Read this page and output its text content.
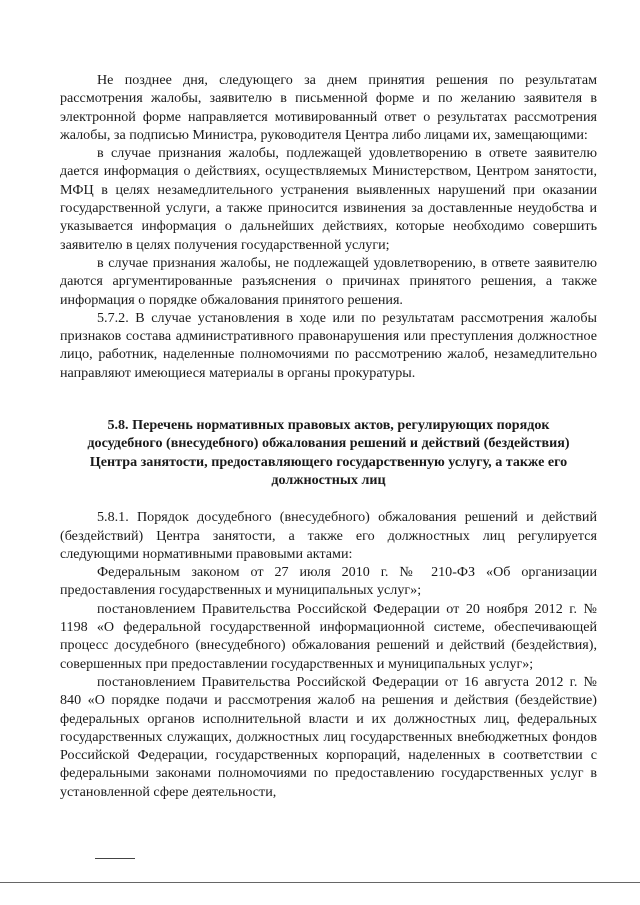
Не позднее дня, следующего за днем принятия решения по результатам рассмотрения жалобы, заявителю в письменной форме и по желанию заявителя в электронной форме направляется мотивированный ответ о результатах рассмотрения жалобы, за подписью Министра, руководителя Центра либо лицами их, замещающими:

в случае признания жалобы, подлежащей удовлетворению в ответе заявителю дается информация о действиях, осуществляемых Министерством, Центром занятости, МФЦ в целях незамедлительного устранения выявленных нарушений при оказании государственной услуги, а также приносится извинения за доставленные неудобства и указывается информация о дальнейших действиях, которые необходимо совершить заявителю в целях получения государственной услуги;

в случае признания жалобы, не подлежащей удовлетворению, в ответе заявителю даются аргументированные разъяснения о причинах принятого решения, а также информация о порядке обжалования принятого решения.

5.7.2. В случае установления в ходе или по результатам рассмотрения жалобы признаков состава административного правонарушения или преступления должностное лицо, работник, наделенные полномочиями по рассмотрению жалоб, незамедлительно направляют имеющиеся материалы в органы прокуратуры.

5.8. Перечень нормативных правовых актов, регулирующих порядок досудебного (внесудебного) обжалования решений и действий (бездействия) Центра занятости, предоставляющего государственную услугу, а также его должностных лиц

5.8.1. Порядок досудебного (внесудебного) обжалования решений и действий (бездействий) Центра занятости, а также его должностных лиц регулируется следующими нормативными правовыми актами:

Федеральным законом от 27 июля 2010 г. № 210-ФЗ «Об организации предоставления государственных и муниципальных услуг»;

постановлением Правительства Российской Федерации от 20 ноября 2012 г. № 1198 «О федеральной государственной информационной системе, обеспечивающей процесс досудебного (внесудебного) обжалования решений и действий (бездействия), совершенных при предоставлении государственных и муниципальных услуг»;

постановлением Правительства Российской Федерации от 16 августа 2012 г. № 840 «О порядке подачи и рассмотрения жалоб на решения и действия (бездействие) федеральных органов исполнительной власти и их должностных лиц, федеральных государственных служащих, должностных лиц государственных внебюджетных фондов Российской Федерации, государственных корпораций, наделенных в соответствии с федеральными законами полномочиями по предоставлению государственных услуг в установленной сфере деятельности,
